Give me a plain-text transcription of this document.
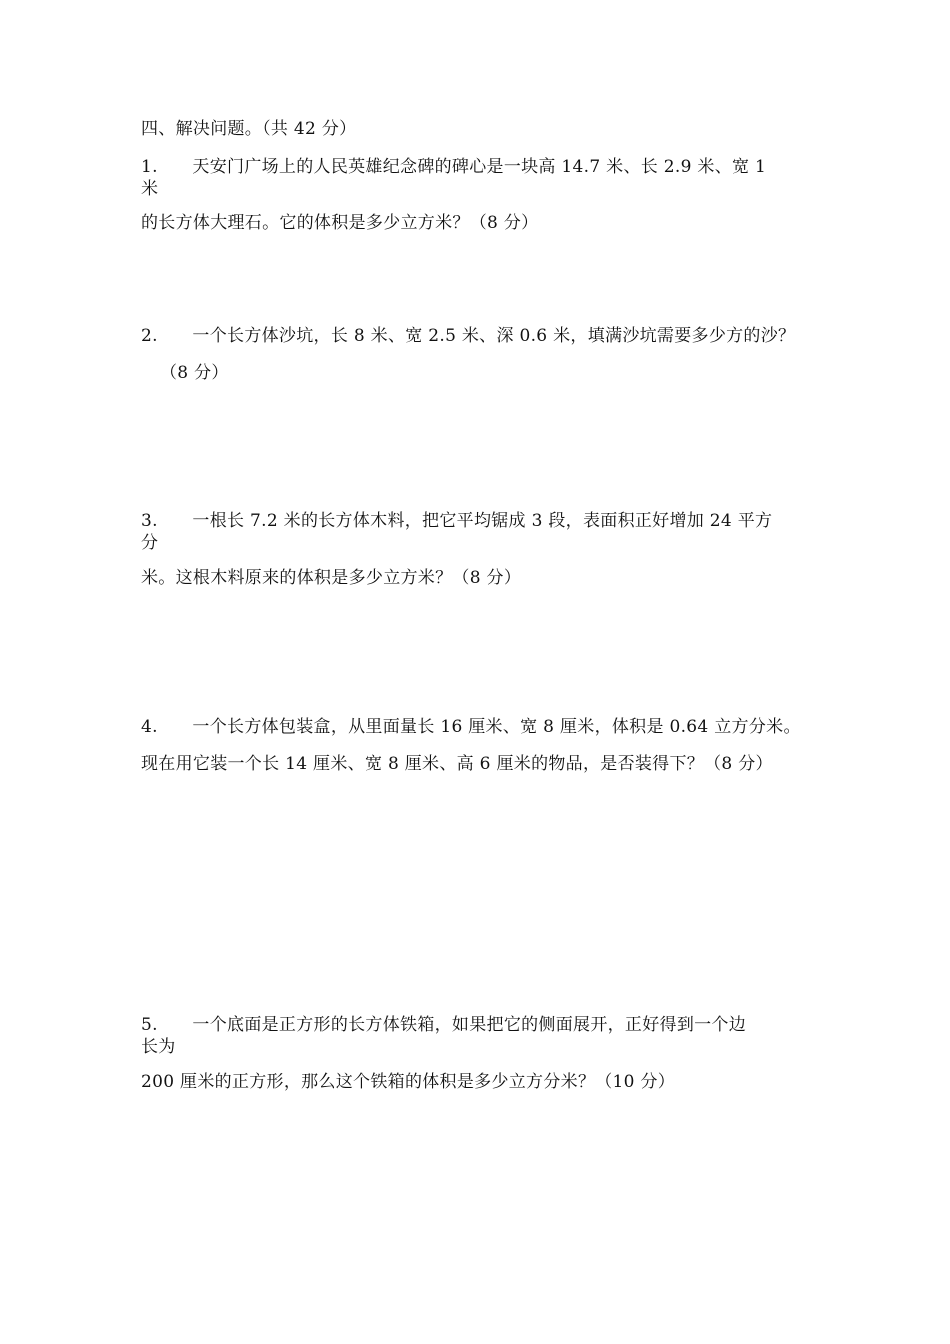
四、解决问题。（共 42 分）
1.　　天安门广场上的人民英雄纪念碑的碑心是一块高 14.7 米、长 2.9 米、宽 1
米
的长方体大理石。它的体积是多少立方米？（8 分）
2.　　一个长方体沙坑，长 8 米、宽 2.5 米、深 0.6 米，填满沙坑需要多少方的沙？
（8 分）
3.　　一根长 7.2 米的长方体木料，把它平均锯成 3 段，表面积正好增加 24 平方
分
米。这根木料原来的体积是多少立方米？（8 分）
4.　　一个长方体包装盒，从里面量长 16 厘米、宽 8 厘米，体积是 0.64 立方分米。
现在用它装一个长 14 厘米、宽 8 厘米、高 6 厘米的物品，是否装得下？（8 分）
5.　　一个底面是正方形的长方体铁箱，如果把它的侧面展开，正好得到一个边
长为
200 厘米的正方形，那么这个铁箱的体积是多少立方分米？（10 分）
